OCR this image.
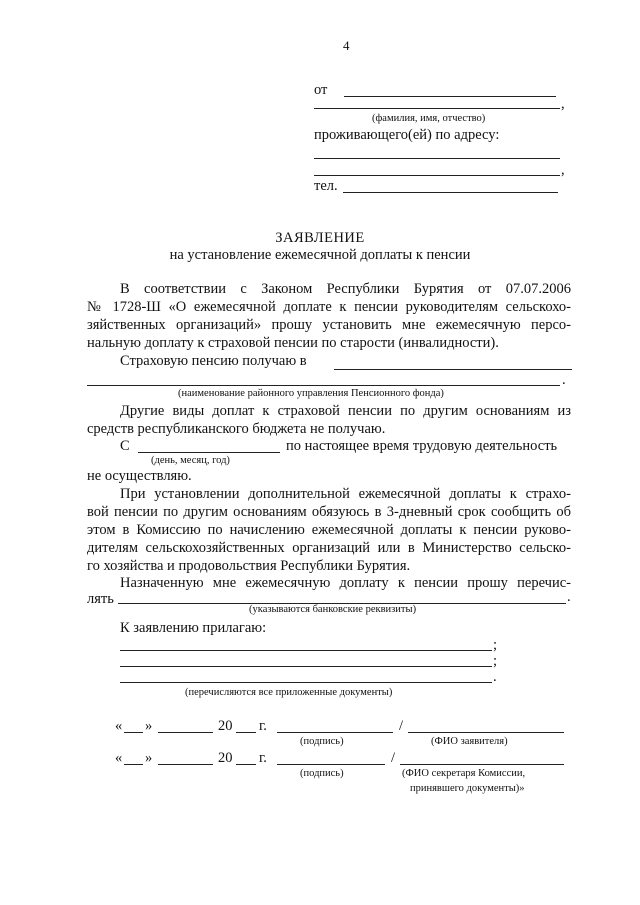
4
от
,
(фамилия, имя, отчество)
проживающего(ей) по адресу:
,
тел.
ЗАЯВЛЕНИЕ
на установление ежемесячной доплаты к пенсии
В соответствии с Законом Республики Бурятия от 07.07.2006
№ 1728-Ш «О ежемесячной доплате к пенсии руководителям сельскохо-
зяйственных организаций» прошу установить мне ежемесячную персо-
нальную доплату к страховой пенсии по старости (инвалидности).
Страховую пенсию получаю в
.
(наименование районного управления Пенсионного фонда)
Другие виды доплат к страховой пенсии по другим основаниям из
средств республиканского бюджета не получаю.
С	по настоящее время трудовую деятельность
(день, месяц, год)
не осуществляю.
При установлении дополнительной ежемесячной доплаты к страхо-
вой пенсии по другим основаниям обязуюсь в 3-дневный срок сообщить об
этом в Комиссию по начислению ежемесячной доплаты к пенсии руково-
дителям сельскохозяйственных организаций или в Министерство сельско-
го хозяйства и продовольствия Республики Бурятия.
Назначенную мне ежемесячную доплату к пенсии прошу перечис-
лять	.
(указываются банковские реквизиты)
К заявлению прилагаю:
;
;
.
(перечисляются все приложенные документы)
« »	20 г.	/
(подпись)	(ФИО заявителя)
« »	20 г.	/
(подпись)	(ФИО секретаря Комиссии,
принявшего документы)»
